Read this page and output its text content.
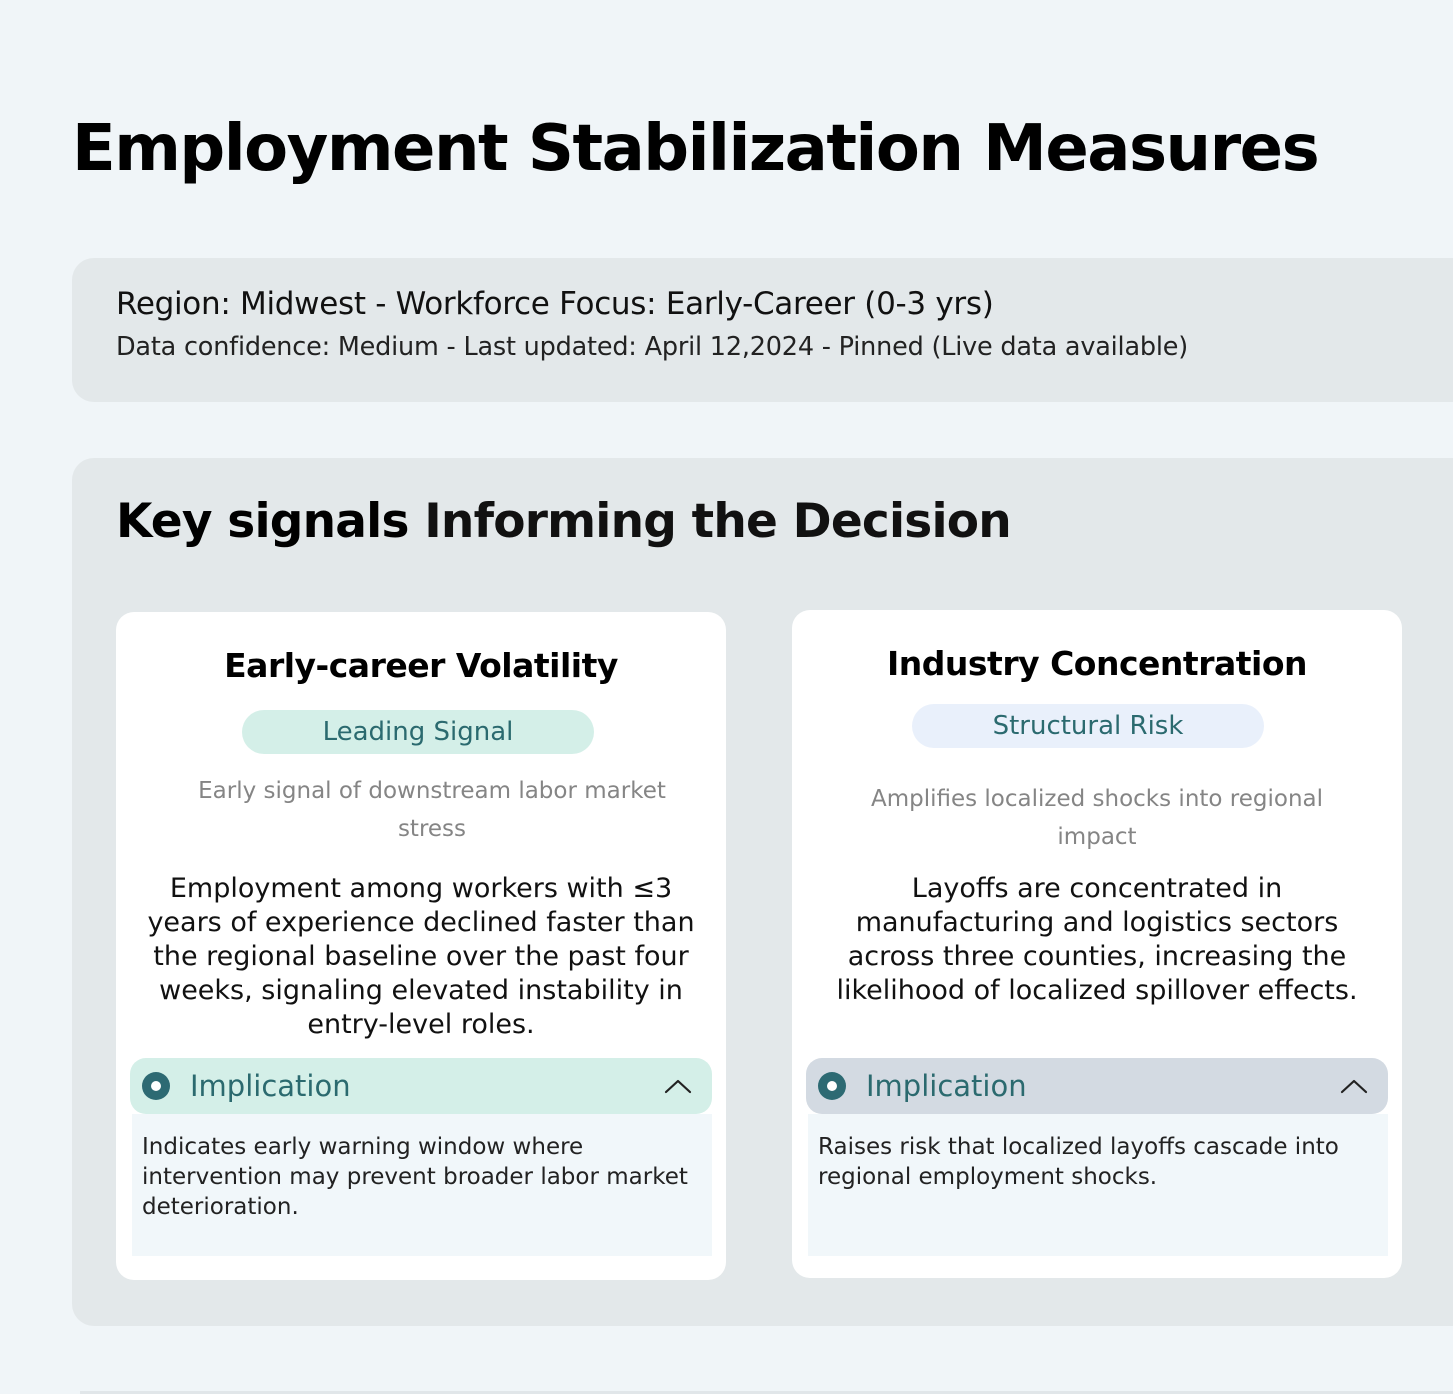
Employment Stabilization Measures
Region: Midwest - Workforce Focus: Early-Career (0-3 yrs)
Data confidence: Medium - Last updated: April 12,2024 - Pinned (Live data available)
Key signals Informing the Decision
Early-career Volatility
Leading Signal

Early signal of downstream labor market stress

Employment among workers with ≤3 years of experience declined faster than the regional baseline over the past four weeks, signaling elevated instability in entry-level roles.

Implication
Indicates early warning window where intervention may prevent broader labor market deterioration.
Industry Concentration
Structural Risk

Amplifies localized shocks into regional impact

Layoffs are concentrated in manufacturing and logistics sectors across three counties, increasing the likelihood of localized spillover effects.

Implication
Raises risk that localized layoffs cascade into regional employment shocks.
